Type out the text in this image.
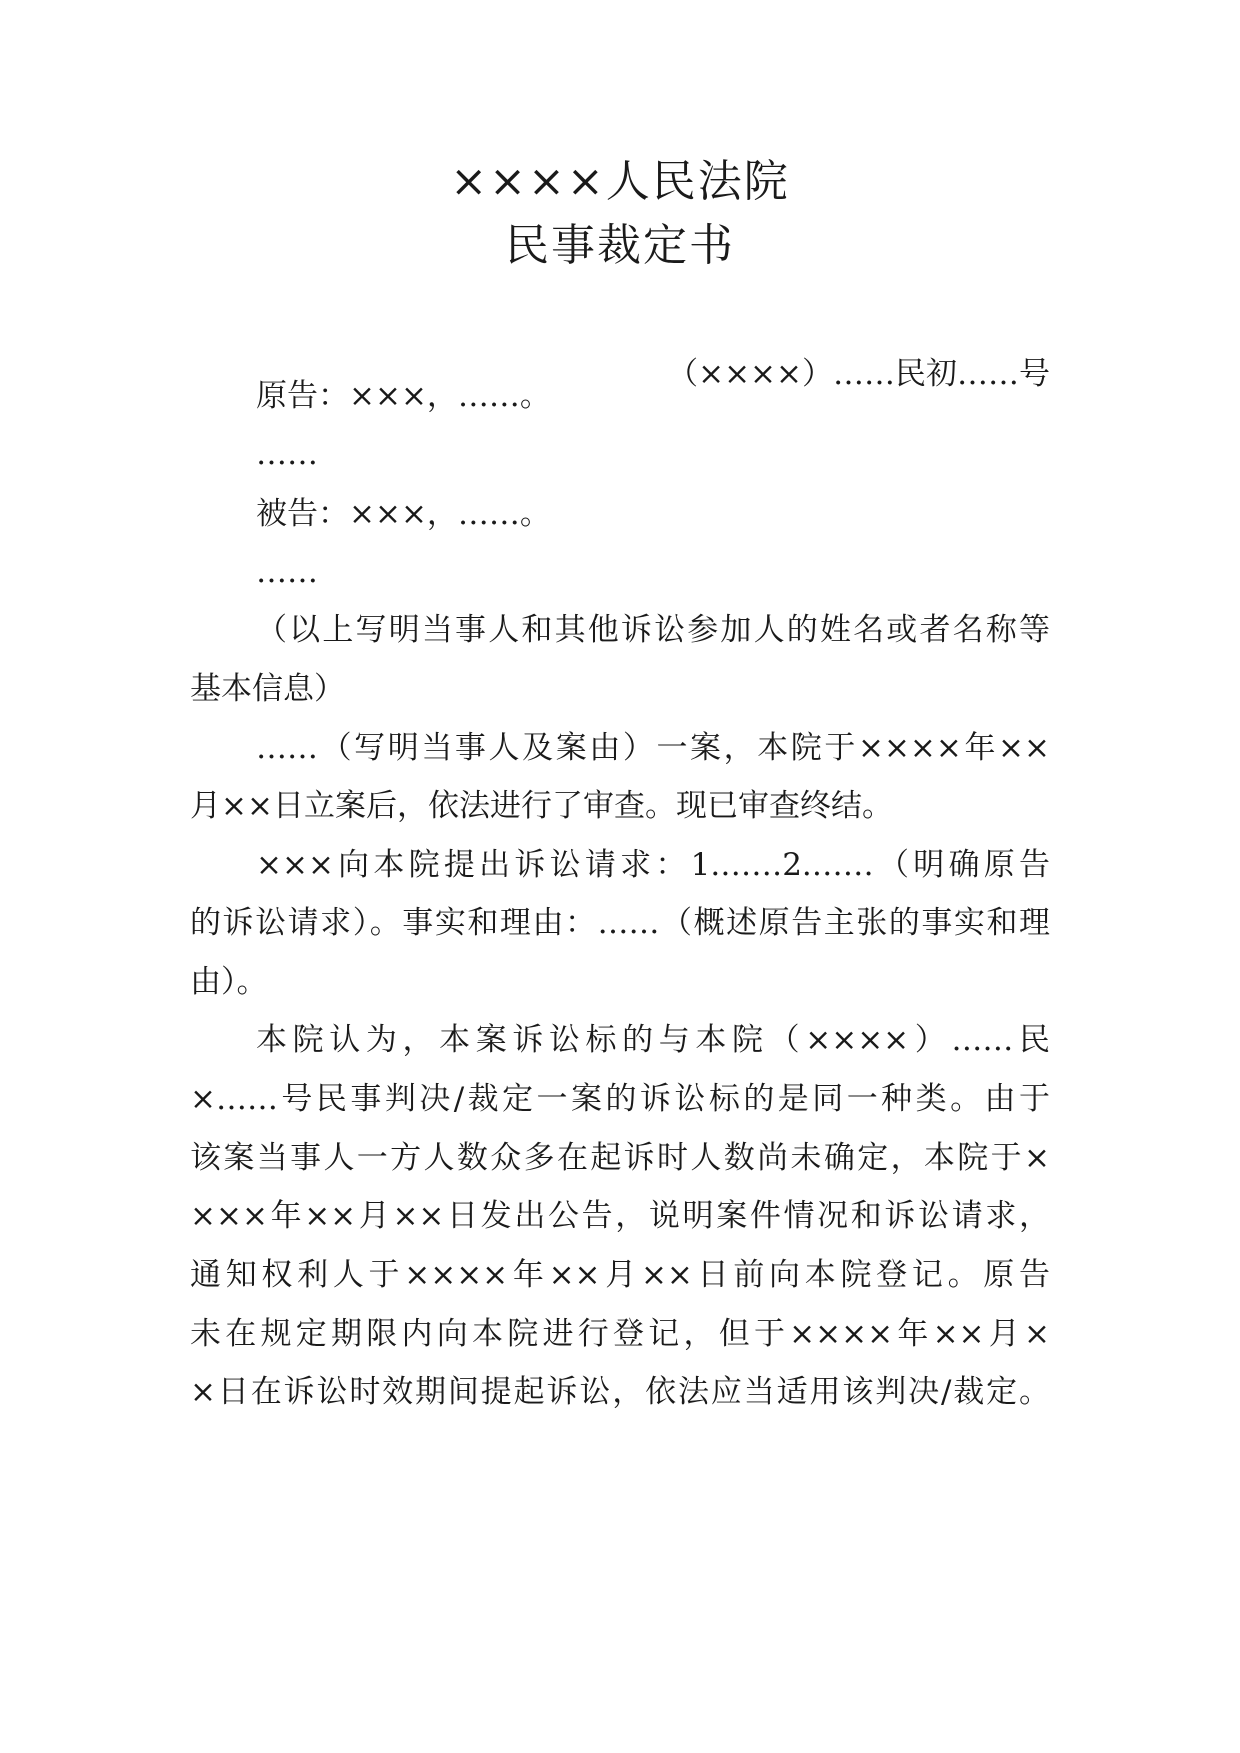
××××人民法院
民事裁定书
（××××）……民初……号
原告：×××，……。
……
被告：×××，……。
……
（以上写明当事人和其他诉讼参加人的姓名或者名称等
基本信息）
……（写明当事人及案由）一案，本院于××××年××
月××日立案后，依法进行了审查。现已审查终结。
×××向本院提出诉讼请求：1.……2.……（明确原告
的诉讼请求）。事实和理由：……（概述原告主张的事实和理
由）。
本院认为，本案诉讼标的与本院（××××）……民
×……号民事判决/裁定一案的诉讼标的是同一种类。由于
该案当事人一方人数众多在起诉时人数尚未确定，本院于×
×××年××月××日发出公告，说明案件情况和诉讼请求，
通知权利人于××××年××月××日前向本院登记。原告
未在规定期限内向本院进行登记，但于××××年××月×
×日在诉讼时效期间提起诉讼，依法应当适用该判决/裁定。
